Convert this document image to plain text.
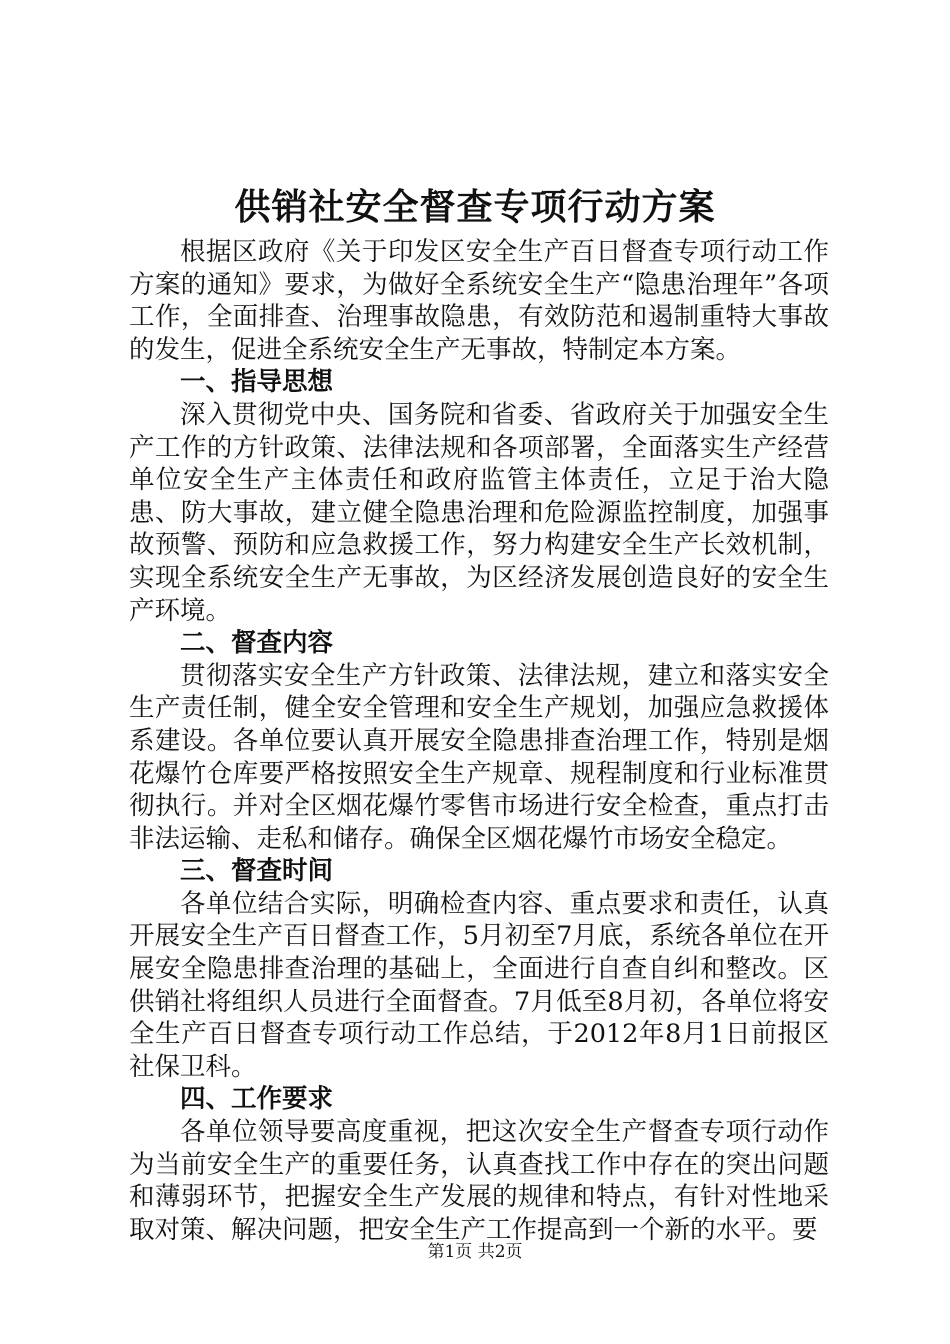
供销社安全督查专项行动方案

根据区政府《关于印发区安全生产百日督查专项行动工作方案的通知》要求，为做好全系统安全生产“隐患治理年”各项工作，全面排查、治理事故隐患，有效防范和遏制重特大事故的发生，促进全系统安全生产无事故，特制定本方案。

一、指导思想

深入贯彻党中央、国务院和省委、省政府关于加强安全生产工作的方针政策、法律法规和各项部署，全面落实生产经营单位安全生产主体责任和政府监管主体责任，立足于治大隐患、防大事故，建立健全隐患治理和危险源监控制度，加强事故预警、预防和应急救援工作，努力构建安全生产长效机制，实现全系统安全生产无事故，为区经济发展创造良好的安全生产环境。

二、督查内容

贯彻落实安全生产方针政策、法律法规，建立和落实安全生产责任制，健全安全管理和安全生产规划，加强应急救援体系建设。各单位要认真开展安全隐患排查治理工作，特别是烟花爆竹仓库要严格按照安全生产规章、规程制度和行业标准贯彻执行。并对全区烟花爆竹零售市场进行安全检查，重点打击非法运输、走私和储存。确保全区烟花爆竹市场安全稳定。

三、督查时间

各单位结合实际，明确检查内容、重点要求和责任，认真开展安全生产百日督查工作，5月初至7月底，系统各单位在开展安全隐患排查治理的基础上，全面进行自查自纠和整改。区供销社将组织人员进行全面督查。7月低至8月初，各单位将安全生产百日督查专项行动工作总结，于2012年8月1日前报区社保卫科。

四、工作要求

各单位领导要高度重视，把这次安全生产督查专项行动作为当前安全生产的重要任务，认真查找工作中存在的突出问题和薄弱环节，把握安全生产发展的规律和特点，有针对性地采取对策、解决问题，把安全生产工作提高到一个新的水平。要

第1页 共2页
